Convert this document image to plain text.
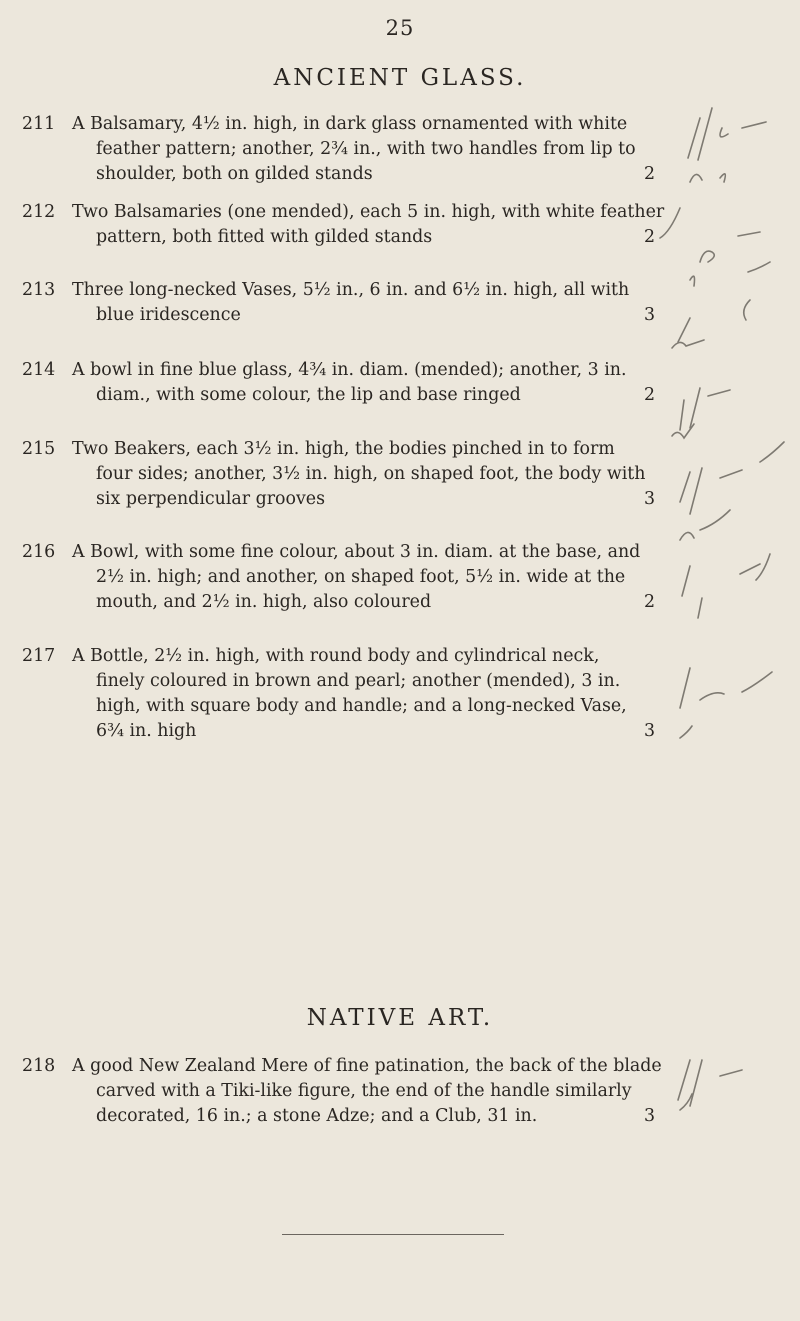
25
ANCIENT GLASS.
211 A Balsamary, 4½ in. high, in dark glass ornamented with white
feather pattern; another, 2¾ in., with two handles from lip to
shoulder, both on gilded stands	2
212 Two Balsamaries (one mended), each 5 in. high, with white feather
pattern, both fitted with gilded stands	2
213 Three long-necked Vases, 5½ in., 6 in. and 6½ in. high, all with
blue iridescence	3
214 A bowl in fine blue glass, 4¾ in. diam. (mended); another, 3 in.
diam., with some colour, the lip and base ringed	2
215 Two Beakers, each 3½ in. high, the bodies pinched in to form
four sides; another, 3½ in. high, on shaped foot, the body with
six perpendicular grooves	3
216 A Bowl, with some fine colour, about 3 in. diam. at the base, and
2½ in. high; and another, on shaped foot, 5½ in. wide at the
mouth, and 2½ in. high, also coloured	2
217 A Bottle, 2½ in. high, with round body and cylindrical neck,
finely coloured in brown and pearl; another (mended), 3 in.
high, with square body and handle; and a long-necked Vase,
6¾ in. high	3
NATIVE ART.
218 A good New Zealand Mere of fine patination, the back of the blade
carved with a Tiki-like figure, the end of the handle similarly
decorated, 16 in.; a stone Adze; and a Club, 31 in.	3
